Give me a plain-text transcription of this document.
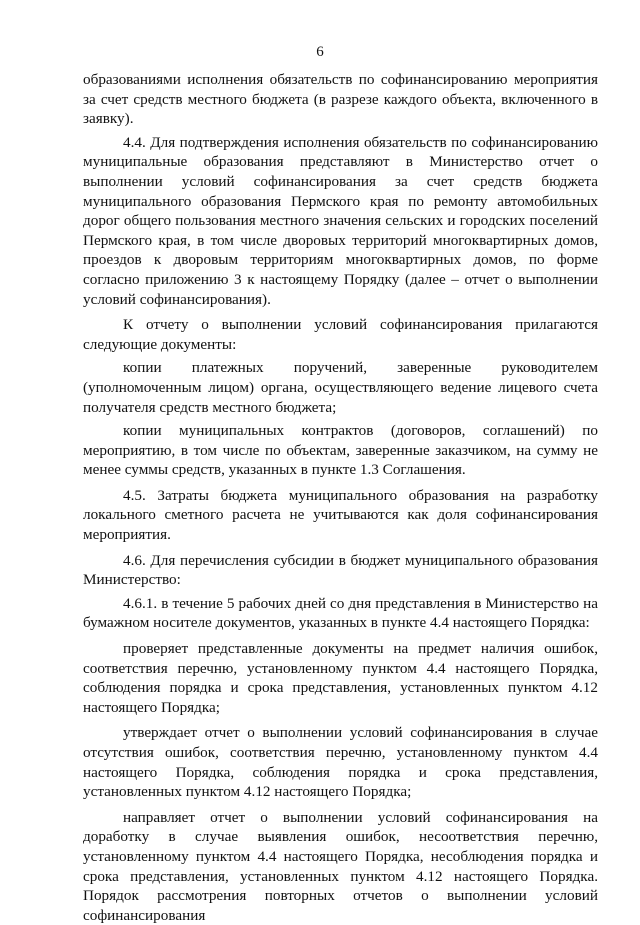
6

образованиями исполнения обязательств по софинансированию мероприятия за счет средств местного бюджета (в разрезе каждого объекта, включенного в заявку).

4.4. Для подтверждения исполнения обязательств по софинансированию муниципальные образования представляют в Министерство отчет о выполнении условий софинансирования за счет средств бюджета муниципального образования Пермского края по ремонту автомобильных дорог общего пользования местного значения сельских и городских поселений Пермского края, в том числе дворовых территорий многоквартирных домов, проездов к дворовым территориям многоквартирных домов, по форме согласно приложению 3 к настоящему Порядку (далее – отчет о выполнении условий софинансирования).

К отчету о выполнении условий софинансирования прилагаются следующие документы:

копии платежных поручений, заверенные руководителем (уполномоченным лицом) органа, осуществляющего ведение лицевого счета получателя средств местного бюджета;

копии муниципальных контрактов (договоров, соглашений) по мероприятию, в том числе по объектам, заверенные заказчиком, на сумму не менее суммы средств, указанных в пункте 1.3 Соглашения.

4.5. Затраты бюджета муниципального образования на разработку локального сметного расчета не учитываются как доля софинансирования мероприятия.

4.6. Для перечисления субсидии в бюджет муниципального образования Министерство:

4.6.1. в течение 5 рабочих дней со дня представления в Министерство на бумажном носителе документов, указанных в пункте 4.4 настоящего Порядка:

проверяет представленные документы на предмет наличия ошибок, соответствия перечню, установленному пунктом 4.4 настоящего Порядка, соблюдения порядка и срока представления, установленных пунктом 4.12 настоящего Порядка;

утверждает отчет о выполнении условий софинансирования в случае отсутствия ошибок, соответствия перечню, установленному пунктом 4.4 настоящего Порядка, соблюдения порядка и срока представления, установленных пунктом 4.12 настоящего Порядка;

направляет отчет о выполнении условий софинансирования на доработку в случае выявления ошибок, несоответствия перечню, установленному пунктом 4.4 настоящего Порядка, несоблюдения порядка и срока представления, установленных пунктом 4.12 настоящего Порядка. Порядок рассмотрения повторных отчетов о выполнении условий софинансирования
